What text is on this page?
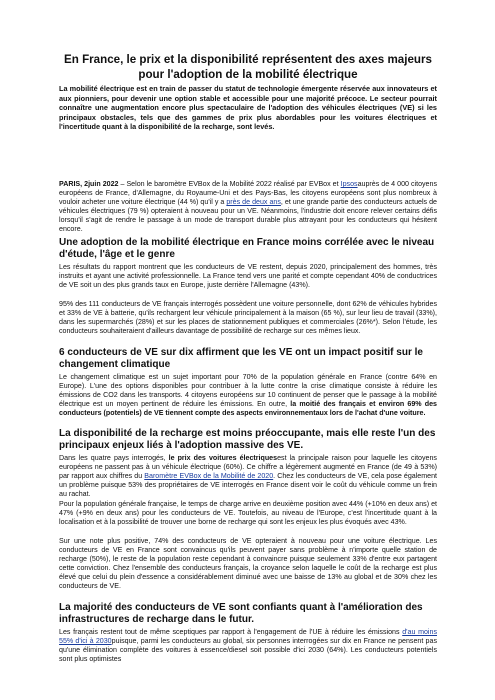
En France, le prix et la disponibilité représentent des axes majeurs pour l'adoption de la mobilité électrique
La mobilité électrique est en train de passer du statut de technologie émergente réservée aux innovateurs et aux pionniers, pour devenir une option stable et accessible pour une majorité précoce. Le secteur pourrait connaître une augmentation encore plus spectaculaire de l'adoption des véhicules électriques (VE) si les principaux obstacles, tels que des gammes de prix plus abordables pour les voitures électriques et l'incertitude quant à la disponibilité de la recharge, sont levés.
PARIS, 2juin 2022 – Selon le baromètre EVBox de la Mobilité 2022 réalisé par EVBox et Ipsosauprès de 4 000 citoyens européens de France, d'Allemagne, du Royaume-Uni et des Pays-Bas, les citoyens européens sont plus nombreux à vouloir acheter une voiture électrique (44 %) qu'il y a près de deux ans, et une grande partie des conducteurs actuels de véhicules électriques (79 %) opteraient à nouveau pour un VE. Néanmoins, l'industrie doit encore relever certains défis lorsqu'il s'agit de rendre le passage à un mode de transport durable plus attrayant pour les conducteurs qui hésitent encore.
Une adoption de la mobilité électrique en France moins corrélée avec le niveau d'étude, l'âge et le genre
Les résultats du rapport montrent que les conducteurs de VE restent, depuis 2020, principalement des hommes, très instruits et ayant une activité professionnelle. La France tend vers une parité et compte cependant 40% de conductrices de VE soit un des plus grands taux en Europe, juste derrière l'Allemagne (43%).
95% des 111 conducteurs de VE français interrogés possèdent une voiture personnelle, dont 62% de véhicules hybrides et 33% de VE à batterie, qu'ils rechargent leur véhicule principalement à la maison (65 %), sur leur lieu de travail (33%), dans les supermarchés (28%) et sur les places de stationnement publiques et commerciales (26%*). Selon l'étude, les conducteurs souhaiteraient d'ailleurs davantage de possibilité de recharge sur ces mêmes lieux.
6 conducteurs de VE sur dix affirment que les VE ont un impact positif sur le changement climatique
Le changement climatique est un sujet important pour 70% de la population générale en France (contre 64% en Europe). L'une des options disponibles pour contribuer à la lutte contre la crise climatique consiste à réduire les émissions de CO2 dans les transports. 4 citoyens européens sur 10 continuent de penser que le passage à la mobilité électrique est un moyen pertinent de réduire les émissions. En outre, la moitié des français et environ 69% des conducteurs (potentiels) de VE tiennent compte des aspects environnementaux lors de l'achat d'une voiture.
La disponibilité de la recharge est moins préoccupante, mais elle reste l'un des principaux enjeux liés à l'adoption massive des VE.
Dans les quatre pays interrogés, le prix des voitures électriquesest la principale raison pour laquelle les citoyens européens ne passent pas à un véhicule électrique (60%). Ce chiffre a légèrement augmenté en France (de 49 à 53%) par rapport aux chiffres du Baromètre EVBox de la Mobilité de 2020. Chez les conducteurs de VE, cela pose également un problème puisque 53% des propriétaires de VE interrogés en France disent voir le coût du véhicule comme un frein au rachat.
Pour la population générale française, le temps de charge arrive en deuxième position avec 44% (+10% en deux ans) et 47% (+9% en deux ans) pour les conducteurs de VE. Toutefois, au niveau de l'Europe, c'est l'incertitude quant à la localisation et à la possibilité de trouver une borne de recharge qui sont les enjeux les plus évoqués avec 43%.
Sur une note plus positive, 74% des conducteurs de VE opteraient à nouveau pour une voiture électrique. Les conducteurs de VE en France sont convaincus qu'ils peuvent payer sans problème à n'importe quelle station de recharge (50%), le reste de la population reste cependant à convaincre puisque seulement 33% d'entre eux partagent cette conviction. Chez l'ensemble des conducteurs français, la croyance selon laquelle le coût de la recharge est plus élevé que celui du plein d'essence a considérablement diminué avec une baisse de 13% au global et de 30% chez les conducteurs de VE.
La majorité des conducteurs de VE sont confiants quant à l'amélioration des infrastructures de recharge dans le futur.
Les français restent tout de même sceptiques par rapport à l'engagement de l'UE à réduire les émissions d'au moins 55% d'ici à 2030puisque, parmi les conducteurs au global, six personnes interrogées sur dix en France ne pensent pas qu'une élimination complète des voitures à essence/diesel soit possible d'ici 2030 (64%). Les conducteurs potentiels sont plus optimistes
